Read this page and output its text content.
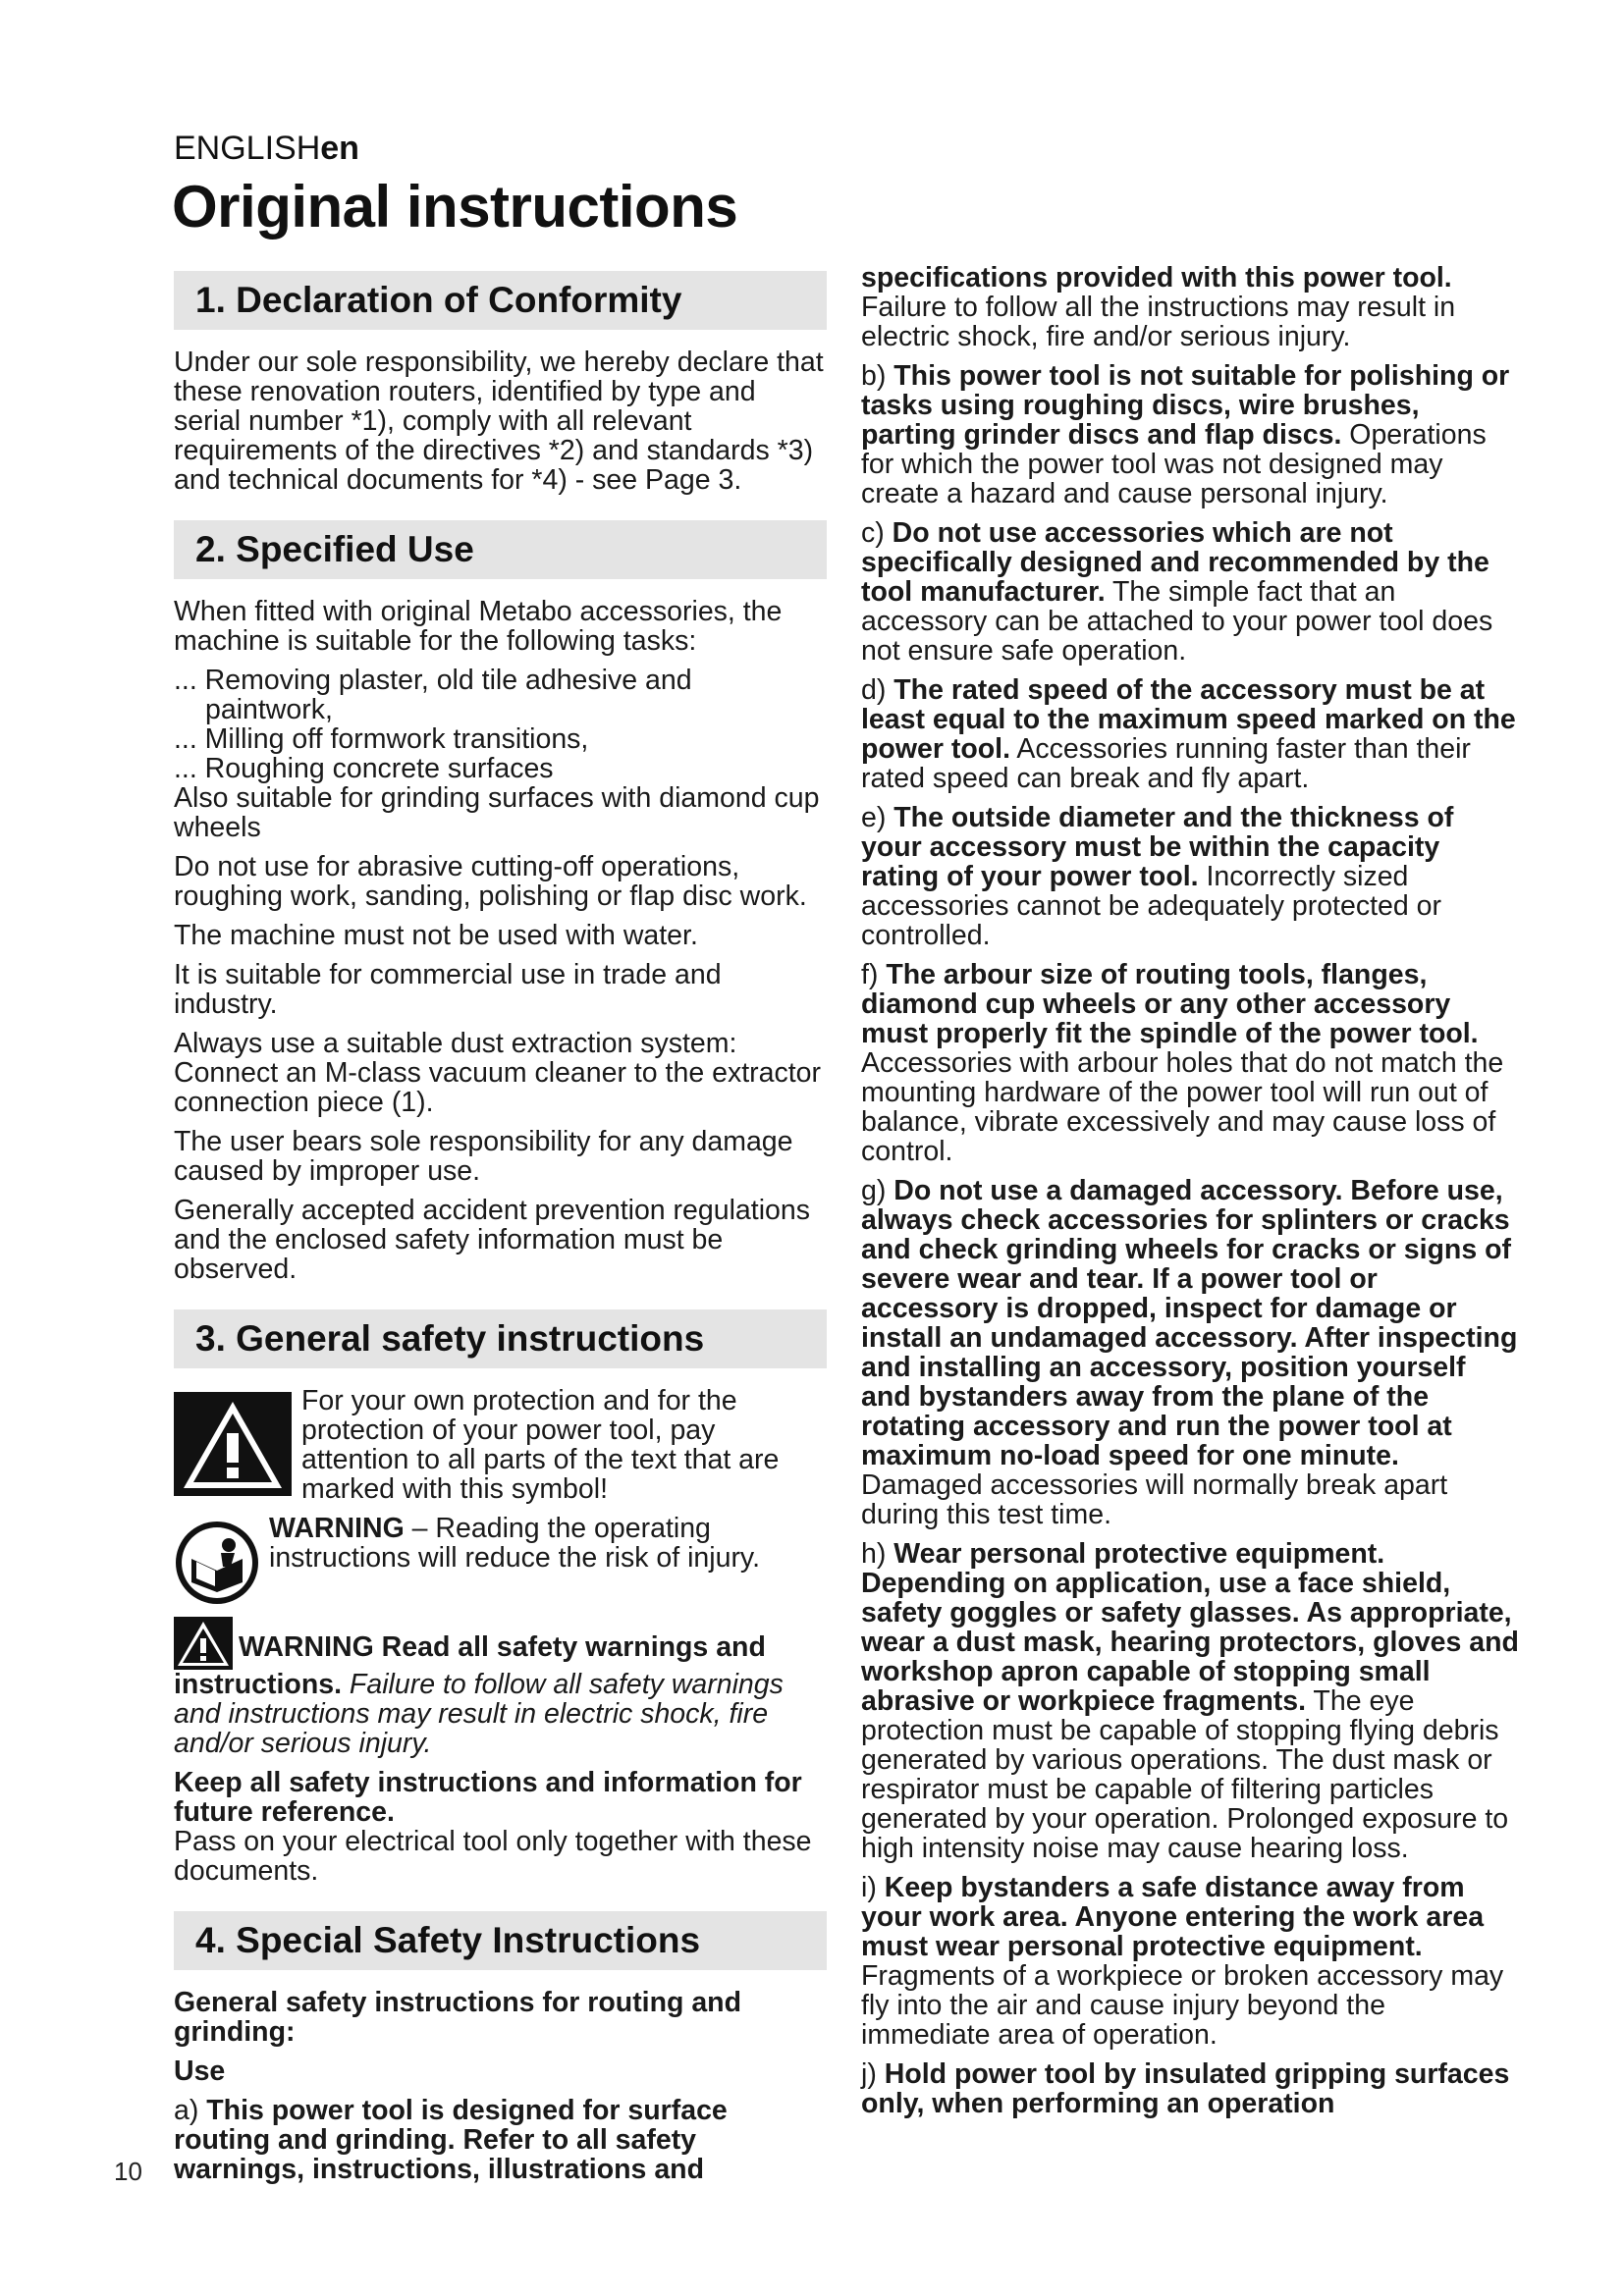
ENGLISHen
Original instructions
1. Declaration of Conformity

Under our sole responsibility, we hereby declare that these renovation routers, identified by type and serial number *1), comply with all relevant requirements of the directives *2) and standards *3) and technical documents for *4) - see Page 3.

2. Specified Use

When fitted with original Metabo accessories, the machine is suitable for the following tasks:

... Removing plaster, old tile adhesive and paintwork,
... Milling off formwork transitions,
... Roughing concrete surfaces

Also suitable for grinding surfaces with diamond cup wheels

Do not use for abrasive cutting-off operations, roughing work, sanding, polishing or flap disc work.

The machine must not be used with water.

It is suitable for commercial use in trade and industry.

Always use a suitable dust extraction system: Connect an M-class vacuum cleaner to the extractor connection piece (1).

The user bears sole responsibility for any damage caused by improper use.

Generally accepted accident prevention regulations and the enclosed safety information must be observed.

3. General safety instructions
For your own protection and for the protection of your power tool, pay attention to all parts of the text that are marked with this symbol!
WARNING – Reading the operating instructions will reduce the risk of injury.

WARNING Read all safety warnings and instructions. Failure to follow all safety warnings and instructions may result in electric shock, fire and/or serious injury.

Keep all safety instructions and information for future reference.

Pass on your electrical tool only together with these documents.

4. Special Safety Instructions

General safety instructions for routing and grinding:

Use

a) This power tool is designed for surface routing and grinding. Refer to all safety warnings, instructions, illustrations and

specifications provided with this power tool. Failure to follow all the instructions may result in electric shock, fire and/or serious injury.

b) This power tool is not suitable for polishing or tasks using roughing discs, wire brushes, parting grinder discs and flap discs. Operations for which the power tool was not designed may create a hazard and cause personal injury.

c) Do not use accessories which are not specifically designed and recommended by the tool manufacturer. The simple fact that an accessory can be attached to your power tool does not ensure safe operation.

d) The rated speed of the accessory must be at least equal to the maximum speed marked on the power tool. Accessories running faster than their rated speed can break and fly apart.

e) The outside diameter and the thickness of your accessory must be within the capacity rating of your power tool. Incorrectly sized accessories cannot be adequately protected or controlled.

f) The arbour size of routing tools, flanges, diamond cup wheels or any other accessory must properly fit the spindle of the power tool. Accessories with arbour holes that do not match the mounting hardware of the power tool will run out of balance, vibrate excessively and may cause loss of control.

g) Do not use a damaged accessory. Before use, always check accessories for splinters or cracks and check grinding wheels for cracks or signs of severe wear and tear. If a power tool or accessory is dropped, inspect for damage or install an undamaged accessory. After inspecting and installing an accessory, position yourself and bystanders away from the plane of the rotating accessory and run the power tool at maximum no-load speed for one minute. Damaged accessories will normally break apart during this test time.

h) Wear personal protective equipment. Depending on application, use a face shield, safety goggles or safety glasses. As appropriate, wear a dust mask, hearing protectors, gloves and workshop apron capable of stopping small abrasive or workpiece fragments. The eye protection must be capable of stopping flying debris generated by various operations. The dust mask or respirator must be capable of filtering particles generated by your operation. Prolonged exposure to high intensity noise may cause hearing loss.

i) Keep bystanders a safe distance away from your work area. Anyone entering the work area must wear personal protective equipment. Fragments of a workpiece or broken accessory may fly into the air and cause injury beyond the immediate area of operation.

j) Hold power tool by insulated gripping surfaces only, when performing an operation

10
